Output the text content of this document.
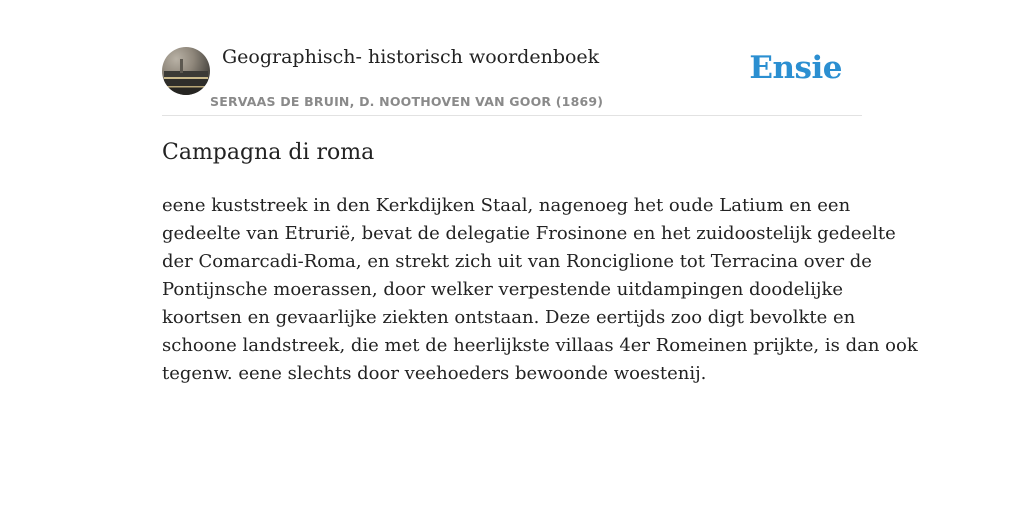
Geographisch- historisch woordenboek
SERVAAS DE BRUIN, D. NOOTHOVEN VAN GOOR (1869)
Ensie
Campagna di roma

eene kuststreek in den Kerkdijken Staal, nagenoeg het oude Latium en een
gedeelte van Etrurië, bevat de delegatie Frosinone en het zuidoostelijk gedeelte
der Comarcadi-Roma, en strekt zich uit van Ronciglione tot Terracina over de
Pontijnsche moerassen, door welker verpestende uitdampingen doodelijke
koortsen en gevaarlijke ziekten ontstaan. Deze eertijds zoo digt bevolkte en
schoone landstreek, die met de heerlijkste villaas 4er Romeinen prijkte, is dan ook
tegenw. eene slechts door veehoeders bewoonde woestenij.
